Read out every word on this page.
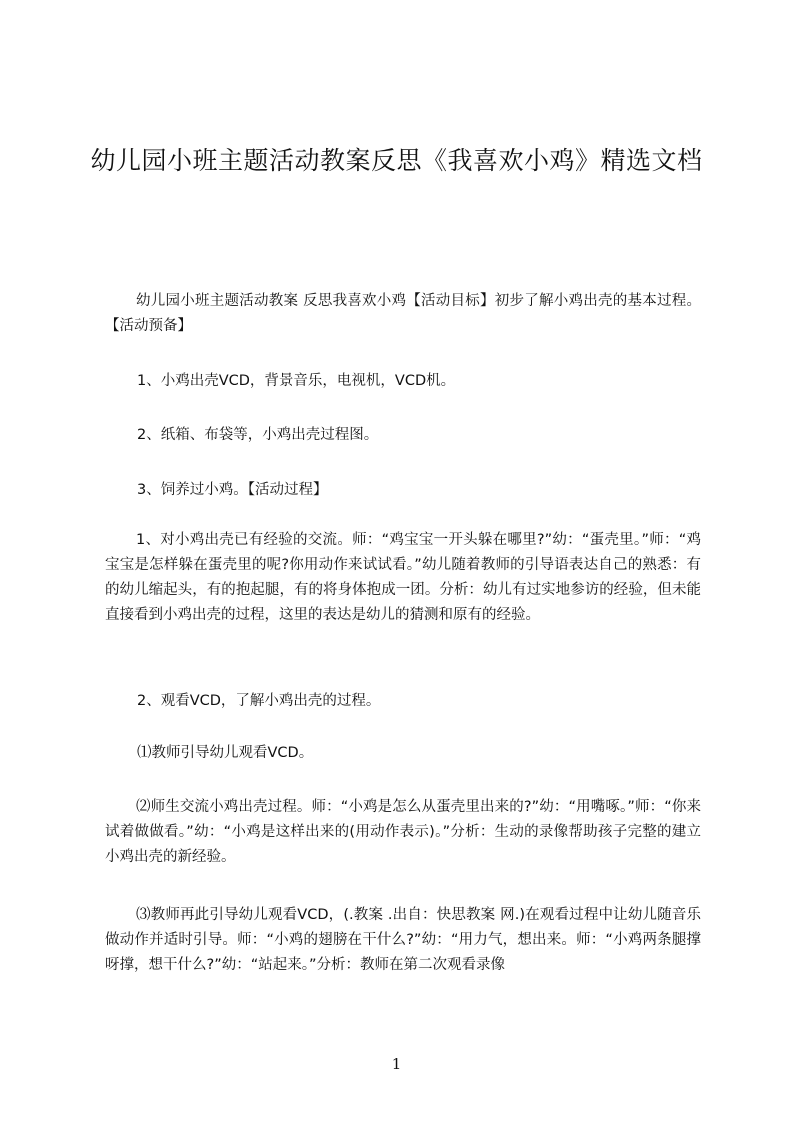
幼儿园小班主题活动教案反思《我喜欢小鸡》精选文档

幼儿园小班主题活动教案 反思我喜欢小鸡【活动目标】初步了解小鸡出壳的基本过程。【活动预备】

1、小鸡出壳VCD，背景音乐，电视机，VCD机。

2、纸箱、布袋等，小鸡出壳过程图。

3、饲养过小鸡。【活动过程】

1、对小鸡出壳已有经验的交流。师：“鸡宝宝一开头躲在哪里?”幼：“蛋壳里。”师：“鸡宝宝是怎样躲在蛋壳里的呢?你用动作来试试看。”幼儿随着教师的引导语表达自己的熟悉：有的幼儿缩起头，有的抱起腿，有的将身体抱成一团。分析：幼儿有过实地参访的经验，但未能直接看到小鸡出壳的过程，这里的表达是幼儿的猜测和原有的经验。

2、观看VCD，了解小鸡出壳的过程。

⑴教师引导幼儿观看VCD。

⑵师生交流小鸡出壳过程。师：“小鸡是怎么从蛋壳里出来的?”幼：“用嘴啄。”师：“你来试着做做看。”幼：“小鸡是这样出来的(用动作表示)。”分析：生动的录像帮助孩子完整的建立小鸡出壳的新经验。

⑶教师再此引导幼儿观看VCD，(.教案 .出自：快思教案 网.)在观看过程中让幼儿随音乐做动作并适时引导。师：“小鸡的翅膀在干什么?”幼：“用力气，想出来。师：“小鸡两条腿撑呀撑，想干什么?”幼：“站起来。”分析：教师在第二次观看录像

1
